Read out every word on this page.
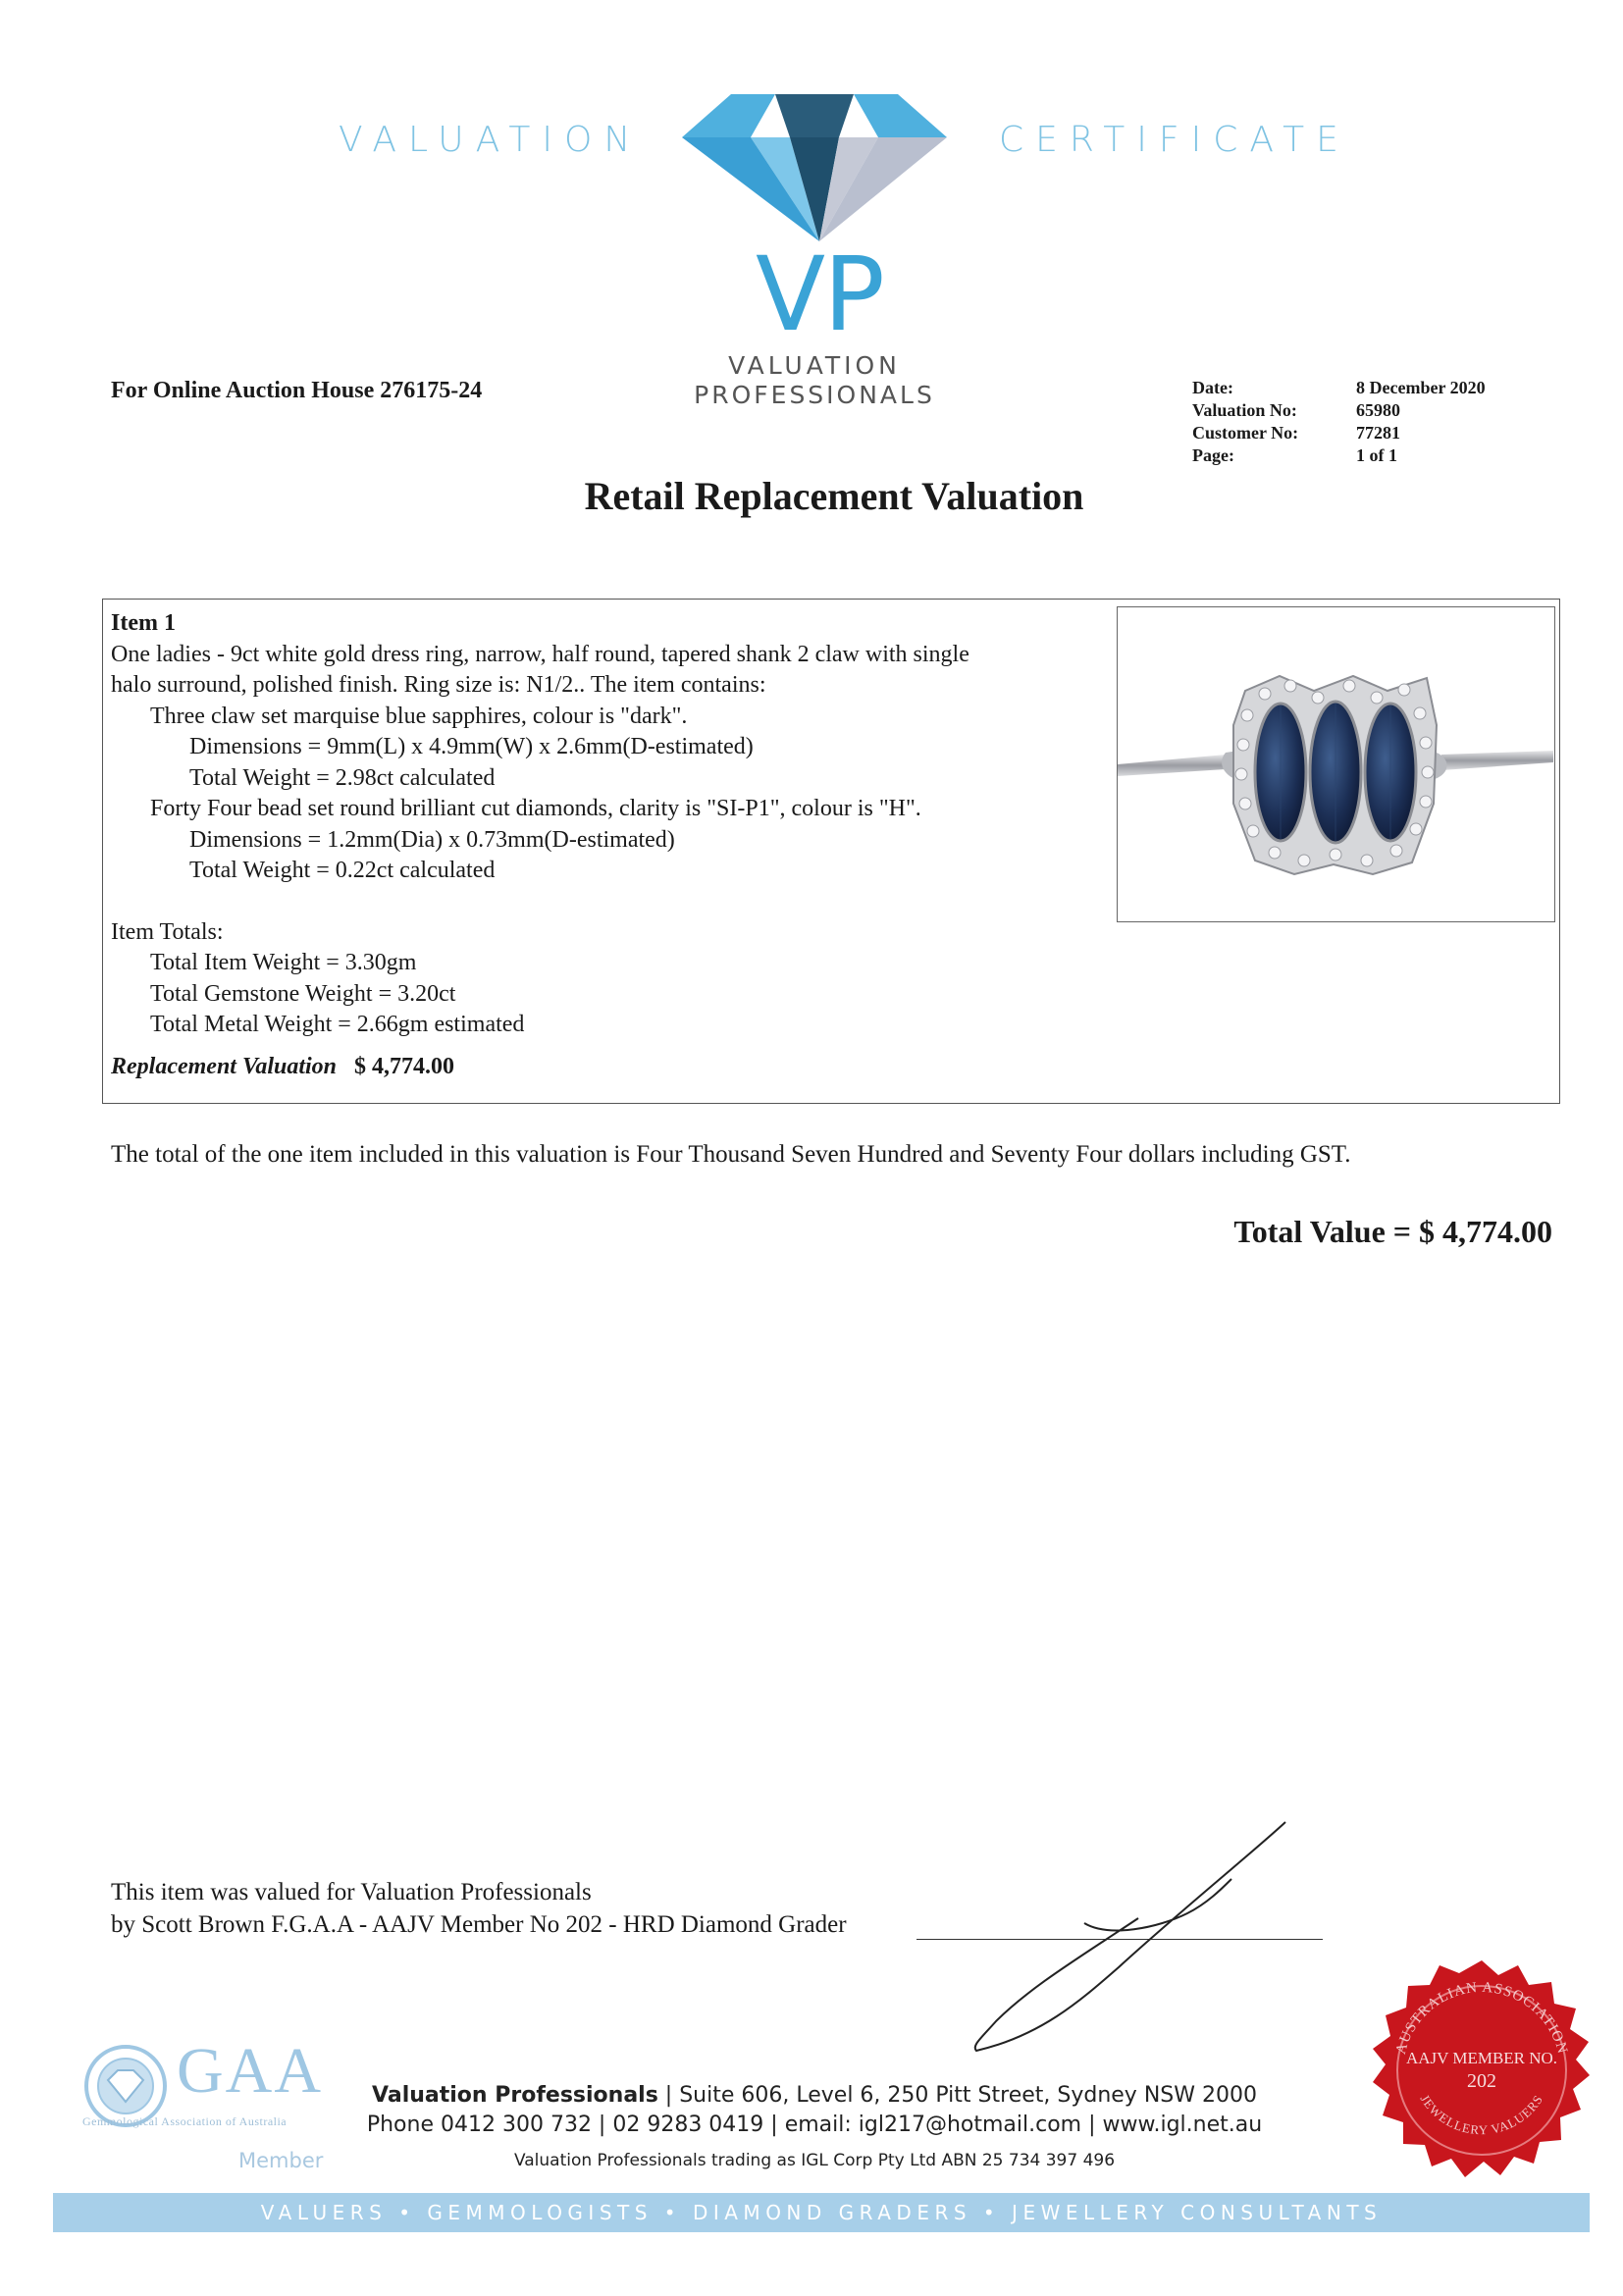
VALUATION	CERTIFICATE
VP
VALUATION
PROFESSIONALS
For Online Auction House 276175-24	Date:	8 December 2020
Valuation No:	65980
Customer No:	77281
Page:	1 of 1
Retail Replacement Valuation
Item 1
One ladies - 9ct white gold dress ring, narrow, half round, tapered shank 2 claw with single
halo surround, polished finish. Ring size is: N1/2.. The item contains:
Three claw set marquise blue sapphires, colour is "dark".
Dimensions = 9mm(L) x 4.9mm(W) x 2.6mm(D-estimated)
Total Weight = 2.98ct calculated
Forty Four bead set round brilliant cut diamonds, clarity is "SI-P1", colour is "H".
Dimensions = 1.2mm(Dia) x 0.73mm(D-estimated)
Total Weight = 0.22ct calculated
Item Totals:
Total Item Weight = 3.30gm
Total Gemstone Weight = 3.20ct
Total Metal Weight = 2.66gm estimated
Replacement Valuation $ 4,774.00
The total of the one item included in this valuation is Four Thousand Seven Hundred and Seventy Four dollars including GST.
Total Value = $ 4,774.00
This item was valued for Valuation Professionals
by Scott Brown F.G.A.A - AAJV Member No 202 - HRD Diamond Grader
GAA
Gemmological Association of Australia
Member
Valuation Professionals | Suite 606, Level 6, 250 Pitt Street, Sydney NSW 2000
Phone 0412 300 732 | 02 9283 0419 | email: igl217@hotmail.com | www.igl.net.au
Valuation Professionals trading as IGL Corp Pty Ltd ABN 25 734 397 496
AUSTRALIAN ASSOCIATION
AAJV MEMBER NO.
202
JEWELLERY VALUERS
VALUERS • GEMMOLOGISTS • DIAMOND GRADERS • JEWELLERY CONSULTANTS
